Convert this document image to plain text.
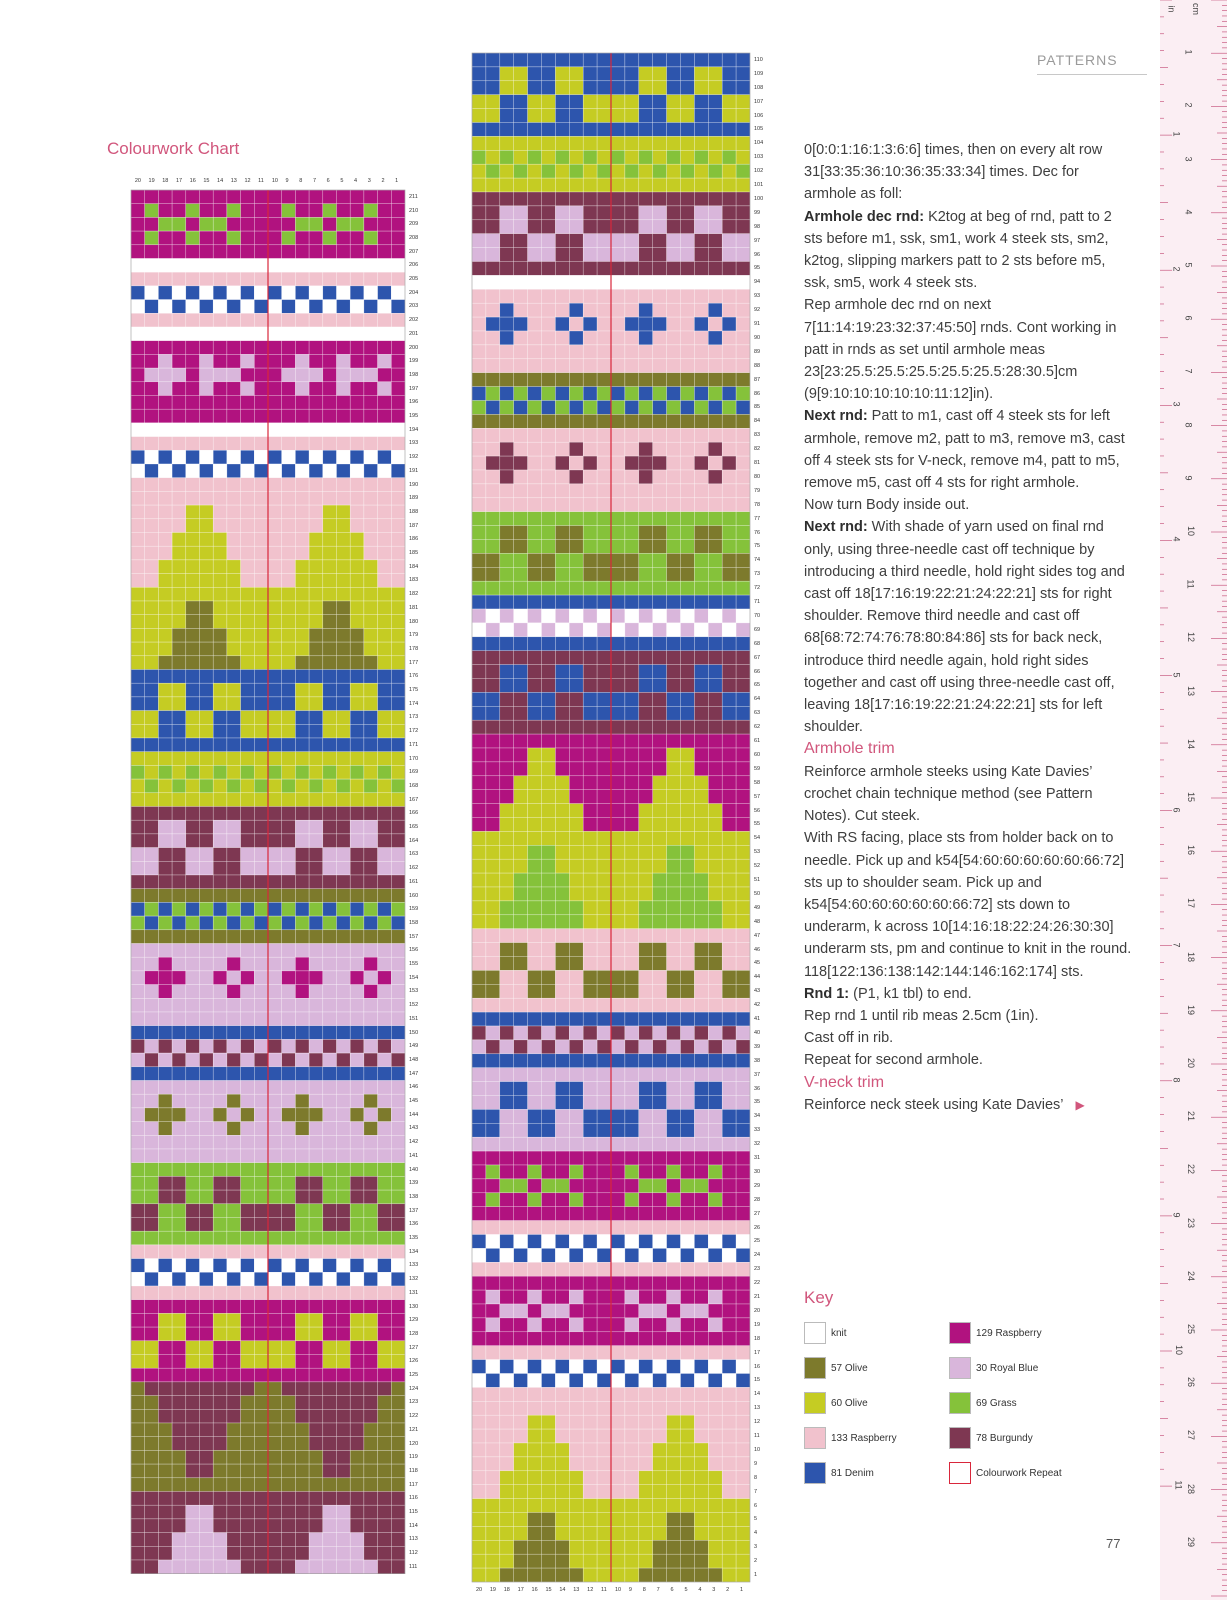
PATTERNS
Colourwork Chart
20 19 18 17 16 15 14 13 12 11 10 9 8 7 6 5 4 3 2 1
211
210
209
208
207
206
205
204
203
202
201
200
199
198
197
196
195
194
193
192
191
190
189
188
187
186
185
184
183
182
181
180
179
178
177
176
175
174
173
172
171
170
169
168
167
166
165
164
163
162
161
160
159
158
157
156
155
154
153
152
151
150
149
148
147
146
145
144
143
142
141
140
139
138
137
136
135
134
133
132
131
130
129
128
127
126
125
124
123
122
121
120
119
118
117
116
115
114
113
112
111
110
109
108
107
106
105
104
103
102
101
100
99
98
97
96
95
94
93
92
91
90
89
88
87
86
85
84
83
82
81
80
79
78
77
76
75
74
73
72
71
70
69
68
67
66
65
64
63
62
61
60
59
58
57
56
55
54
53
52
51
50
49
48
47
46
45
44
43
42
41
40
39
38
37
36
35
34
33
32
31
30
29
28
27
26
25
24
23
22
21
20
19
18
17
16
15
14
13
12
11
10
9
8
7
6
5
4
3
2
1
20 19 18 17 16 15 14 13 12 11 10 9 8 7 6 5 4 3 2 1

0[0:0:1:16:1:3:6:6] times, then on every alt row 31[33:35:36:10:36:35:33:34] times. Dec for armhole as foll:

Armhole dec rnd: K2tog at beg of rnd, patt to 2 sts before m1, ssk, sm1, work 4 steek sts, sm2, k2tog, slipping markers patt to 2 sts before m5, ssk, sm5, work 4 steek sts.

Rep armhole dec rnd on next 7[11:14:19:23:32:37:45:50] rnds. Cont working in patt in rnds as set until armhole meas 23[23:25.5:25.5:25.5:25.5:25.5:28:30.5]cm (9[9:10:10:10:10:10:11:12]in).

Next rnd: Patt to m1, cast off 4 steek sts for left armhole, remove m2, patt to m3, remove m3, cast off 4 steek sts for V-neck, remove m4, patt to m5, remove m5, cast off 4 sts for right armhole.

Now turn Body inside out.

Next rnd: With shade of yarn used on final rnd only, using three-needle cast off technique by introducing a third needle, hold right sides tog and cast off 18[17:16:19:22:21:24:22:21] sts for right shoulder. Remove third needle and cast off 68[68:72:74:76:78:80:84:86] sts for back neck, introduce third needle again, hold right sides together and cast off using three-needle cast off, leaving 18[17:16:19:22:21:24:22:21] sts for left shoulder.

Armhole trim

Reinforce armhole steeks using Kate Davies’ crochet chain technique method (see Pattern Notes). Cut steek.

With RS facing, place sts from holder back on to needle. Pick up and k54[54:60:60:60:60:60:66:72] sts up to shoulder seam. Pick up and k54[54:60:60:60:60:60:66:72] sts down to underarm, k across 10[14:16:18:22:24:26:30:30] underarm sts, pm and continue to knit in the round. 118[122:136:138:142:144:146:162:174] sts.

Rnd 1: (P1, k1 tbl) to end.

Rep rnd 1 until rib meas 2.5cm (1in).

Cast off in rib.

Repeat for second armhole.

V-neck trim

Reinforce neck steek using Kate Davies’ ▶

Key
knit	129 Raspberry
57 Olive	30 Royal Blue
60 Olive	69 Grass
133 Raspberry	78 Burgundy
81 Denim	Colourwork Repeat
77
cm
in
1
2
3
4
5
6
7
8
9
10
11
12
13
14
15
16
17
18
19
20
21
22
23
24
25
26
27
28
29
1
2
3
4
5
6
7
8
9
10
11
